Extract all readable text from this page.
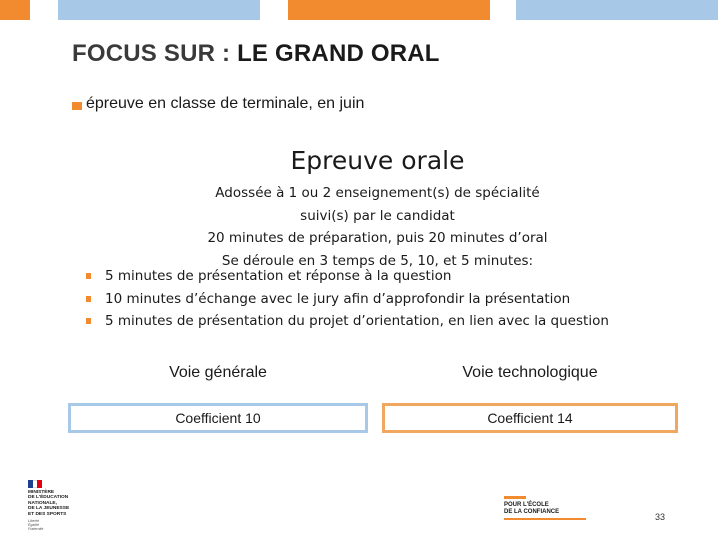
FOCUS SUR : LE GRAND ORAL
épreuve en classe de terminale, en juin
Epreuve orale
Adossée à 1 ou 2 enseignement(s) de spécialité
suivi(s) par le candidat
20 minutes de préparation, puis 20 minutes d’oral
Se déroule en 3 temps de 5, 10, et 5 minutes:
5 minutes de présentation et réponse à la question
10 minutes d’échange avec le jury afin d’approfondir la présentation
5 minutes de présentation du projet d’orientation, en lien avec la question
Voie générale	Voie technologique
Coefficient 10	Coefficient 14
MINISTÈRE
DE L'ÉDUCATION
NATIONALE,
DE LA JEUNESSE
ET DES SPORTS
Liberté
Égalité
Fraternité
POUR L'ÉCOLE
DE LA CONFIANCE	33
